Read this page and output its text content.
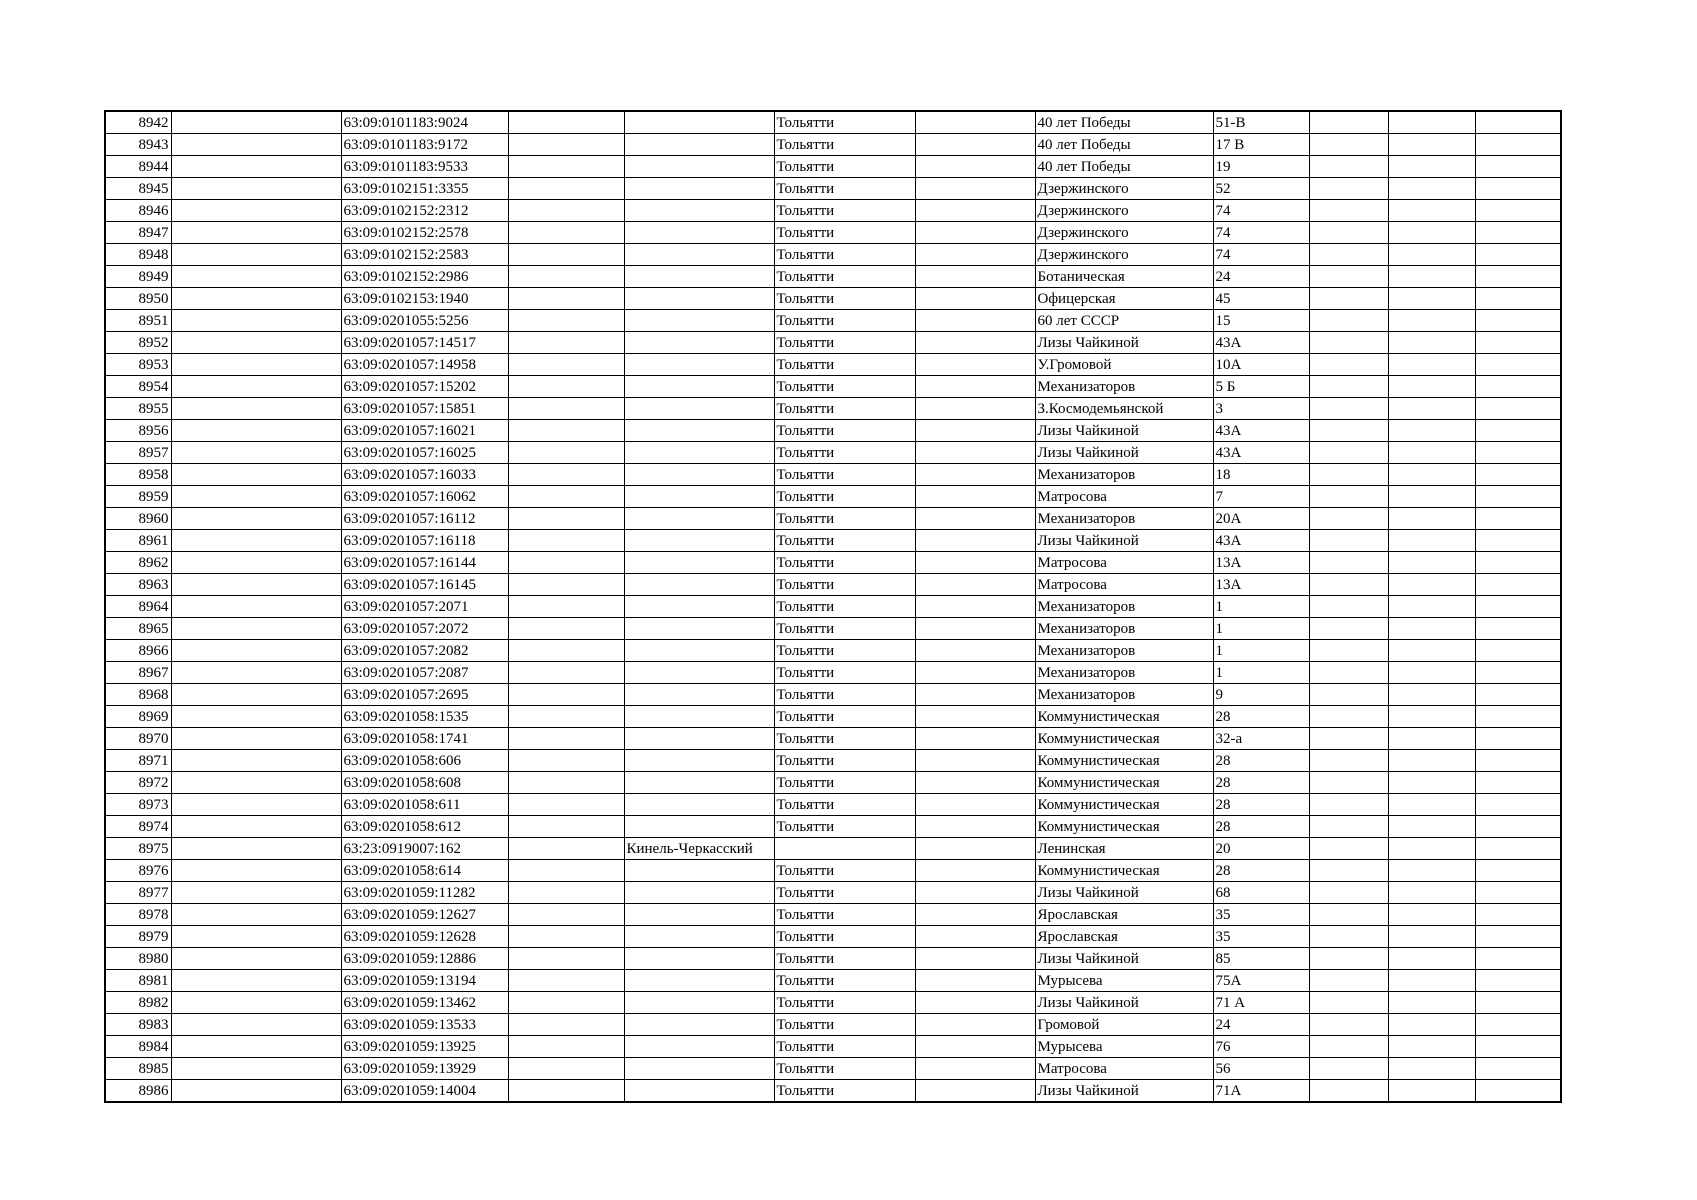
8942		63:09:0101183:9024			Тольятти		40 лет Победы	51-В			
8943		63:09:0101183:9172			Тольятти		40 лет Победы	17 В			
8944		63:09:0101183:9533			Тольятти		40 лет Победы	19			
8945		63:09:0102151:3355			Тольятти		Дзержинского	52			
8946		63:09:0102152:2312			Тольятти		Дзержинского	74			
8947		63:09:0102152:2578			Тольятти		Дзержинского	74			
8948		63:09:0102152:2583			Тольятти		Дзержинского	74			
8949		63:09:0102152:2986			Тольятти		Ботаническая	24			
8950		63:09:0102153:1940			Тольятти		Офицерская	45			
8951		63:09:0201055:5256			Тольятти		60 лет СССР	15			
8952		63:09:0201057:14517			Тольятти		Лизы Чайкиной	43А			
8953		63:09:0201057:14958			Тольятти		У.Громовой	10А			
8954		63:09:0201057:15202			Тольятти		Механизаторов	5 Б			
8955		63:09:0201057:15851			Тольятти		З.Космодемьянской	3			
8956		63:09:0201057:16021			Тольятти		Лизы Чайкиной	43А			
8957		63:09:0201057:16025			Тольятти		Лизы Чайкиной	43А			
8958		63:09:0201057:16033			Тольятти		Механизаторов	18			
8959		63:09:0201057:16062			Тольятти		Матросова	7			
8960		63:09:0201057:16112			Тольятти		Механизаторов	20А			
8961		63:09:0201057:16118			Тольятти		Лизы Чайкиной	43А			
8962		63:09:0201057:16144			Тольятти		Матросова	13А			
8963		63:09:0201057:16145			Тольятти		Матросова	13А			
8964		63:09:0201057:2071			Тольятти		Механизаторов	1			
8965		63:09:0201057:2072			Тольятти		Механизаторов	1			
8966		63:09:0201057:2082			Тольятти		Механизаторов	1			
8967		63:09:0201057:2087			Тольятти		Механизаторов	1			
8968		63:09:0201057:2695			Тольятти		Механизаторов	9			
8969		63:09:0201058:1535			Тольятти		Коммунистическая	28			
8970		63:09:0201058:1741			Тольятти		Коммунистическая	32-а			
8971		63:09:0201058:606			Тольятти		Коммунистическая	28			
8972		63:09:0201058:608			Тольятти		Коммунистическая	28			
8973		63:09:0201058:611			Тольятти		Коммунистическая	28			
8974		63:09:0201058:612			Тольятти		Коммунистическая	28			
8975		63:23:0919007:162		Кинель-Черкасский			Ленинская	20			
8976		63:09:0201058:614			Тольятти		Коммунистическая	28			
8977		63:09:0201059:11282			Тольятти		Лизы Чайкиной	68			
8978		63:09:0201059:12627			Тольятти		Ярославская	35			
8979		63:09:0201059:12628			Тольятти		Ярославская	35			
8980		63:09:0201059:12886			Тольятти		Лизы Чайкиной	85			
8981		63:09:0201059:13194			Тольятти		Мурысева	75А			
8982		63:09:0201059:13462			Тольятти		Лизы Чайкиной	71 А			
8983		63:09:0201059:13533			Тольятти		Громовой	24			
8984		63:09:0201059:13925			Тольятти		Мурысева	76			
8985		63:09:0201059:13929			Тольятти		Матросова	56			
8986		63:09:0201059:14004			Тольятти		Лизы Чайкиной	71А			
